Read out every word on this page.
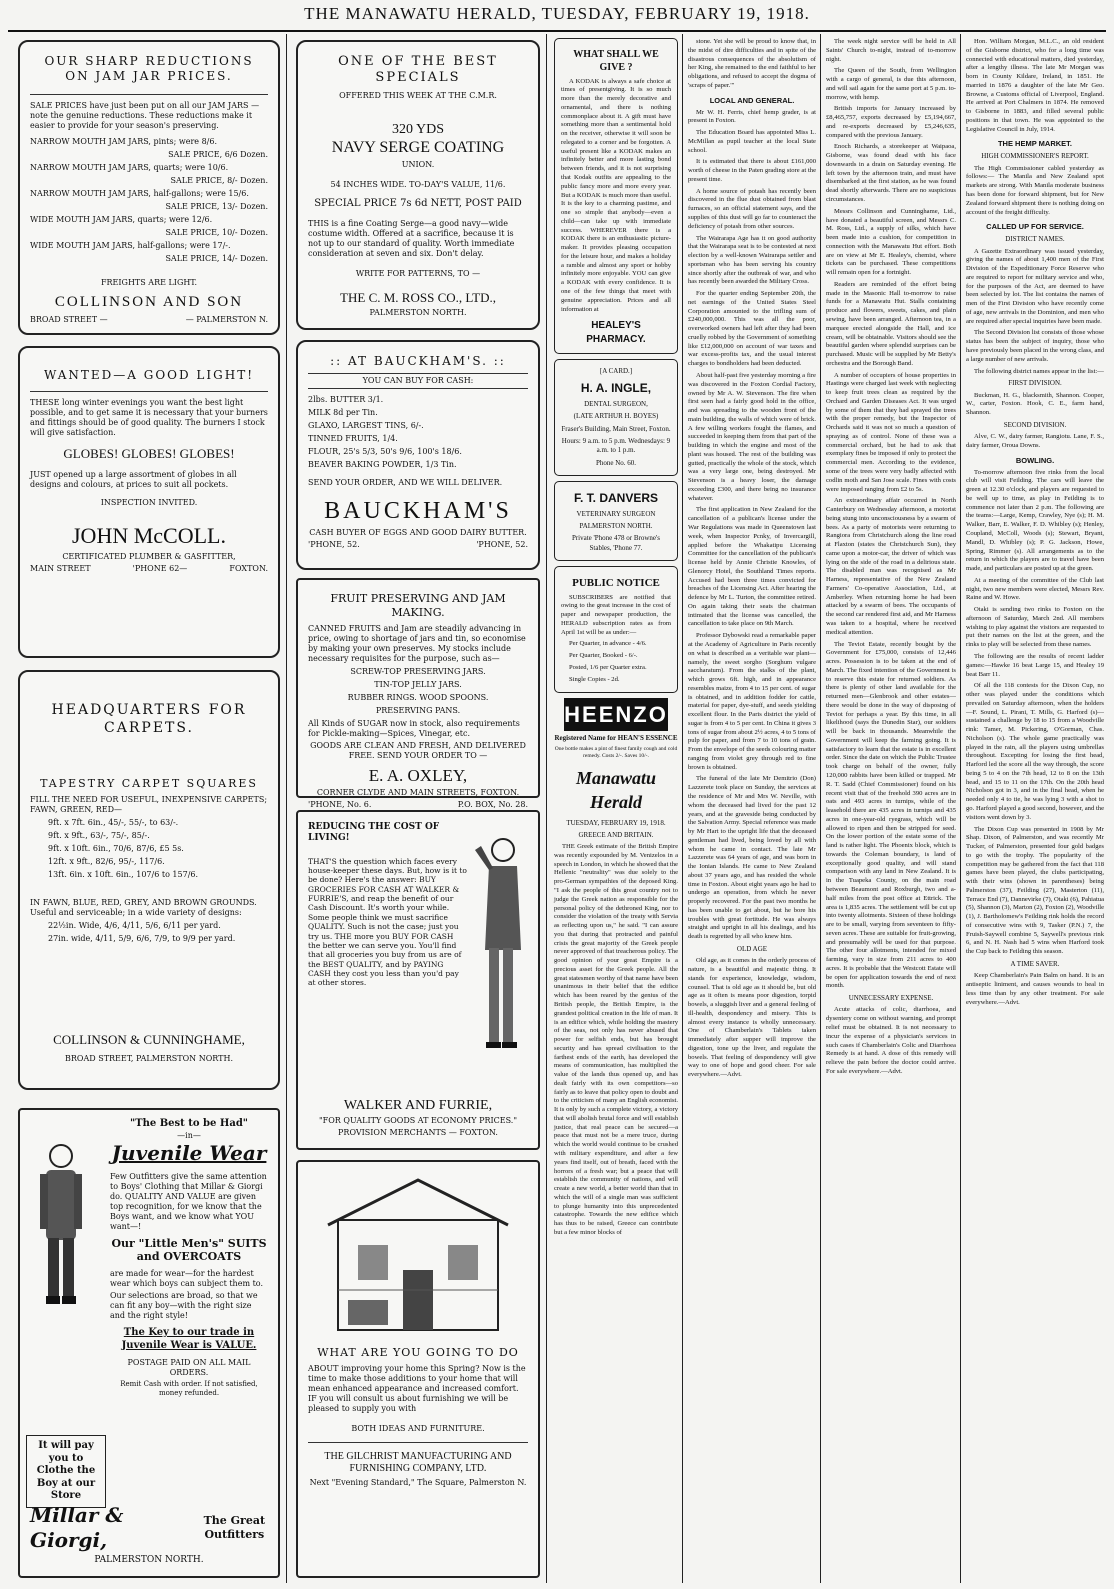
THE MANAWATU HERALD, TUESDAY, FEBRUARY 19, 1918.
OUR SHARP REDUCTIONS ON JAM JAR PRICES.

SALE PRICES have just been put on all our JAM JARS —note the genuine reductions. These reductions make it easier to provide for your season's preserving.

NARROW MOUTH JAM JARS, pints; were 8/6.

SALE PRICE, 6/6 Dozen.

NARROW MOUTH JAM JARS, quarts; were 10/6.

SALE PRICE, 8/- Dozen.

NARROW MOUTH JAM JARS, half-gallons; were 15/6.

SALE PRICE, 13/- Dozen.

WIDE MOUTH JAM JARS, quarts; were 12/6.

SALE PRICE, 10/- Dozen.

WIDE MOUTH JAM JARS, half-gallons; were 17/-.

SALE PRICE, 14/- Dozen.

FREIGHTS ARE LIGHT.

COLLINSON AND SON
BROAD STREET —	— PALMERSTON N.
WANTED—A GOOD LIGHT!

THESE long winter evenings you want the best light possible, and to get same it is necessary that your burners and fittings should be of good quality. The burners I stock will give satisfaction.

GLOBES! GLOBES! GLOBES!

JUST opened up a large assortment of globes in all designs and colours, at prices to suit all pockets.

INSPECTION INVITED.

JOHN McCOLL.

CERTIFICATED PLUMBER & GASFITTER,

MAIN STREET	'PHONE 62—	FOXTON.
HEADQUARTERS FOR CARPETS.
TAPESTRY CARPET SQUARES

FILL THE NEED FOR USEFUL, INEXPENSIVE CARPETS; FAWN, GREEN, RED—

9ft. x 7ft. 6in., 45/-, 55/-, to 63/-.

9ft. x 9ft., 63/-, 75/-, 85/-.

9ft. x 10ft. 6in., 70/6, 87/6, £5 5s.

12ft. x 9ft., 82/6, 95/-, 117/6.

13ft. 6in. x 10ft. 6in., 107/6 to 157/6.

IN FAWN, BLUE, RED, GREY, AND BROWN GROUNDS. Useful and serviceable; in a wide variety of designs:

22½in. Wide, 4/6, 4/11, 5/6, 6/11 per yard.

27in. wide, 4/11, 5/9, 6/6, 7/9, to 9/9 per yard.

COLLINSON & CUNNINGHAME,

BROAD STREET, PALMERSTON NORTH.

"The Best to be Had"
—in—
Juvenile Wear

Few Outfitters give the same attention to Boys' Clothing that Millar & Giorgi do. QUALITY AND VALUE are given top recognition, for we know that the Boys want, and we know what YOU want—!

Our "Little Men's" SUITS and OVERCOATS

are made for wear—for the hardest wear which boys can subject them to.

Our selections are broad, so that we can fit any boy—with the right size and the right style!

The Key to our trade in Juvenile Wear is VALUE.

POSTAGE PAID ON ALL MAIL ORDERS.

Remit Cash with order. If not satisfied, money refunded.

It will pay you to Clothe the Boy at our Store
Millar & Giorgi,
The Great Outfitters

PALMERSTON NORTH.

ONE OF THE BEST SPECIALS

OFFERED THIS WEEK AT THE C.M.R.

320 YDS
NAVY SERGE COATING

UNION.

54 INCHES WIDE. TO-DAY'S VALUE, 11/6.

SPECIAL PRICE 7s 6d NETT, POST PAID

THIS is a fine Coating Serge—a good navy—wide costume width. Offered at a sacrifice, because it is not up to our standard of quality. Worth immediate consideration at seven and six. Don't delay.

WRITE FOR PATTERNS, TO —

THE C. M. ROSS CO., LTD.,

PALMERSTON NORTH.

:: AT BAUCKHAM'S. ::

YOU CAN BUY FOR CASH:

2lbs. BUTTER 3/1.

MILK 8d per Tin.

GLAXO, LARGEST TINS, 6/-.

TINNED FRUITS, 1/4.

FLOUR, 25's 5/3, 50's 9/6, 100's 18/6.

BEAVER BAKING POWDER, 1/3 Tin.

SEND YOUR ORDER, AND WE WILL DELIVER.

BAUCKHAM'S

CASH BUYER OF EGGS AND GOOD DAIRY BUTTER.

'PHONE, 52.	'PHONE, 52.
FRUIT PRESERVING AND JAM MAKING.

CANNED FRUITS and Jam are steadily advancing in price, owing to shortage of jars and tin, so economise by making your own preserves. My stocks include necessary requisites for the purpose, such as—

SCREW-TOP PRESERVING JARS.

TIN-TOP JELLY JARS.

RUBBER RINGS. WOOD SPOONS.

PRESERVING PANS.

All Kinds of SUGAR now in stock, also requirements for Pickle-making—Spices, Vinegar, etc.

GOODS ARE CLEAN AND FRESH, AND DELIVERED FREE. SEND YOUR ORDER TO —

E. A. OXLEY,

CORNER CLYDE AND MAIN STREETS, FOXTON.

'PHONE, No. 6.	P.O. BOX, No. 28.
REDUCING THE COST OF LIVING!

THAT'S the question which faces every house-keeper these days. But, how is it to be done? Here's the answer: BUY GROCERIES FOR CASH AT WALKER & FURRIE'S, and reap the benefit of our Cash Discount. It's worth your while. Some people think we must sacrifice QUALITY. Such is not the case; just you try us. THE more you BUY FOR CASH the better we can serve you. You'll find that all groceries you buy from us are of the BEST QUALITY, and by PAYING CASH they cost you less than you'd pay at other stores.

WALKER AND FURRIE,

"FOR QUALITY GOODS AT ECONOMY PRICES."

PROVISION MERCHANTS — FOXTON.

WHAT ARE YOU GOING TO DO

ABOUT improving your home this Spring? Now is the time to make those additions to your home that will mean enhanced appearance and increased comfort. IF you will consult us about furnishing we will be pleased to supply you with

BOTH IDEAS AND FURNITURE.

THE GILCHRIST MANUFACTURING AND FURNISHING COMPANY, LTD.

Next "Evening Standard," The Square, Palmerston N.

WHAT SHALL WE GIVE ?

A KODAK is always a safe choice at times of presentgiving. It is so much more than the merely decorative and ornamental, and there is nothing commonplace about it. A gift must have something more than a sentimental hold on the receiver, otherwise it will soon be relegated to a corner and be forgotten. A useful present like a KODAK makes an infinitely better and more lasting bond between friends, and it is not surprising that Kodak outfits are appealing to the public fancy more and more every year. But a KODAK is much more than useful. It is the key to a charming pastime, and one so simple that anybody—even a child—can take up with immediate success. WHEREVER there is a KODAK there is an enthusiastic picture-maker. It provides pleasing occupation for the leisure hour, and makes a holiday a ramble and almost any sport or hobby infinitely more enjoyable. YOU can give a KODAK with every confidence. It is one of the few things that meet with genuine appreciation. Prices and all information at

HEALEY'S PHARMACY.
[A CARD.]
H. A. INGLE,
DENTAL SURGEON,
(LATE ARTHUR H. BOYES)
Fraser's Building, Main Street, Foxton.
Hours: 9 a.m. to 5 p.m. Wednesdays: 9 a.m. to 1 p.m.
Phone No. 60.
F. T. DANVERS
VETERINARY SURGEON
PALMERSTON NORTH.
Private 'Phone 478 or Browne's Stables, 'Phone 77.
PUBLIC NOTICE

SUBSCRIBERS are notified that owing to the great increase in the cost of paper and newspaper production, the HERALD subscription rates as from April 1st will be as under:—

Per Quarter, in advance - 4/6.

Per Quarter, Booked - 6/-.

Posted, 1/6 per Quarter extra.

Single Copies - 2d.

HEENZO
Registered Name for HEAN'S ESSENCE
One bottle makes a pint of finest family cough and cold remedy. Costs 2/-. Saves 10/-.
Manawatu Herald
TUESDAY, FEBRUARY 19, 1918.
GREECE AND BRITAIN.

THE Greek estimate of the British Empire was recently expounded by M. Venizelos in a speech in London, in which he showed that the Hellenic "neutrality" was due solely to the pro-German sympathies of the deposed King. "I ask the people of this great country not to judge the Greek nation as responsible for the personal policy of the dethroned King, nor to consider the violation of the treaty with Servia as reflecting upon us," he said. "I can assure you that during that protracted and painful crisis the great majority of the Greek people never approved of that treacherous policy. The good opinion of your great Empire is a precious asset for the Greek people. All the great statesmen worthy of that name have been unanimous in their belief that the edifice which has been reared by the genius of the British people, the British Empire, is the grandest political creation in the life of man. It is an edifice which, while holding the mastery of the seas, not only has never abused that power for selfish ends, but has brought security and has spread civilisation to the farthest ends of the earth, has developed the means of communication, has multiplied the value of the lands thus opened up, and has dealt fairly with its own competitors—so fairly as to leave that policy open to doubt and to the criticism of many an English economist. It is only by such a complete victory, a victory that will abolish brutal force and will establish justice, that real peace can be secured—a peace that must not be a mere truce, during which the world would continue to be crushed with military expenditure, and after a few years find itself, out of breath, faced with the horrors of a fresh war; but a peace that will establish the community of nations, and will create a new world, a better world than that in which the will of a single man was sufficient to plunge humanity into this unprecedented catastrophe. Towards the new edifice which has thus to be raised, Greece can contribute but a few minor blocks of

stone. Yet she will be proud to know that, in the midst of dire difficulties and in spite of the disastrous consequences of the absolutism of her King, she remained to the end faithful to her obligations, and refused to accept the dogma of 'scraps of paper.'"

LOCAL AND GENERAL.

Mr W. H. Ferris, chief hemp grader, is at present in Foxton.

The Education Board has appointed Miss L. McMillan as pupil teacher at the local State school.

It is estimated that there is about £161,000 worth of cheese in the Paten grading store at the present time.

A home source of potash has recently been discovered in the flue dust obtained from blast furnaces, so an official statement says, and the supplies of this dust will go far to counteract the deficiency of potash from other sources.

The Wairarapa Age has it on good authority that the Wairarapa seat is to be contested at next election by a well-known Wairarapa settler and sportsman who has been serving his country since shortly after the outbreak of war, and who has recently been awarded the Military Cross.

For the quarter ending September 20th, the net earnings of the United States Steel Corporation amounted to the trifling sum of £240,000,000. This was all the poor, overworked owners had left after they had been cruelly robbed by the Government of something like £12,000,000 on account of war taxes and war excess-profits tax, and the usual interest charges to bondholders had been deducted.

About half-past five yesterday morning a fire was discovered in the Foxton Cordial Factory, owned by Mr A. W. Stevenson. The fire when first seen had a fairly good hold in the office, and was spreading to the wooden front of the main building, the walls of which were of brick. A few willing workers fought the flames, and succeeded in keeping them from that part of the building in which the engine and most of the plant was housed. The rest of the building was gutted, practically the whole of the stock, which was a very large one, being destroyed. Mr Stevenson is a heavy loser, the damage exceeding £300, and there being no insurance whatever.

The first application in New Zealand for the cancellation of a publican's license under the War Regulations was made in Queenstown last week, when Inspector Pcnky, of Invercargill, applied before the Whakatipu Licensing Committee for the cancellation of the publican's license held by Annie Christie Knowles, of Glenorcy Hotel, the Southland Times reports. Accused had been three times convicted for breaches of the Licensing Act. After hearing the defence by Mr L. Turton, the committee retired. On again taking their seats the chairman intimated that the license was cancelled, the cancellation to take place on 9th March.

Professor Dybowski read a remarkable paper at the Academy of Agriculture in Paris recently on what is described as a veritable war plant—namely, the sweet sorgho (Sorghum vulgare saccharatum). From the stalks of the plant, which grows 6ft. high, and in appearance resembles maize, from 4 to 15 per cent. of sugar is obtained, and in addition fodder for cattle, material for paper, dye-stuff, and seeds yielding excellent flour. In the Paris district the yield of sugar is from 4 to 5 per cent. In China it gives 3 tons of sugar from about 2½ acres, 4 to 5 tons of pulp for paper, and from 7 to 10 tons of grain. From the envelope of the seeds colouring matter ranging from violet grey through red to fine brown is obtained.

The funeral of the late Mr Demitrio (Don) Lazzerete took place on Sunday, the services at the residence of Mr and Mrs W. Neville, with whom the deceased had lived for the past 12 years, and at the graveside being conducted by the Salvation Army. Special reference was made by Mr Hart to the upright life that the deceased gentleman had lived, being loved by all with whom he came in contact. The late Mr Lazzerete was 64 years of age, and was born in the Ionian Islands. He came to New Zealand about 37 years ago, and has resided the whole time in Foxton. About eight years ago he had to undergo an operation, from which he never properly recovered. For the past two months he has been unable to get about, but he bore his troubles with great fortitude. He was always straight and upright in all his dealings, and his death is regretted by all who knew him.

OLD AGE

Old age, as it comes in the orderly process of nature, is a beautiful and majestic thing. It stands for experience, knowledge, wisdom, counsel. That is old age as it should be, but old age as it often is means poor digestion, torpid bowels, a sluggish liver and a general feeling of ill-health, despondency and misery. This is almost every instance is wholly unnecessary. One of Chamberlain's Tablets taken immediately after supper will improve the digestion, tone up the liver, and regulate the bowels. That feeling of despondency will give way to one of hope and good cheer. For sale everywhere.—Advt.

The week night service will be held in All Saints' Church to-night, instead of to-morrow night.

The Queen of the South, from Wellington with a cargo of general, is due this afternoon, and will sail again for the same port at 5 p.m. to-morrow, with hemp.

British imports for January increased by £8,465,757, exports decreased by £5,194,667, and re-exports decreased by £5,246,635, compared with the previous January.

Enoch Richards, a storekeeper at Waipaoa, Gisborne, was found dead with his face downwards in a drain on Saturday evening. He left town by the afternoon train, and must have disembarked at the first station, as he was found dead shortly afterwards. There are no suspicious circumstances.

Messrs Collinson and Cunninghame, Ltd., have donated a beautiful screen, and Messrs C. M. Ross, Ltd., a supply of silks, which have been made into a cushion, for competition in connection with the Manawatu Hut effort. Both are on view at Mr E. Healey's, chemist, where tickets can be purchased. These competitions will remain open for a fortnight.

Readers are reminded of the effort being made in the Masonic Hall to-morrow to raise funds for a Manawatu Hut. Stalls containing produce and flowers, sweets, cakes, and plain sewing, have been arranged. Afternoon tea, in a marquee erected alongside the Hall, and ice cream, will be obtainable. Visitors should see the beautiful garden where splendid surprises can be purchased. Music will be supplied by Mr Betty's orchestra and the Borough Band.

A number of occupiers of house properties in Hastings were charged last week with neglecting to keep fruit trees clean as required by the Orchard and Garden Diseases Act. It was urged by some of them that they had sprayed the trees with the proper remedy, but the Inspector of Orchards said it was not so much a question of spraying as of control. None of these was a commercial orchard, but he had to ask that exemplary fines be imposed if only to protect the commercial men. According to the evidence, some of the trees were very badly affected with codlin moth and San Jose scale. Fines with costs were imposed ranging from £2 to 5s.

An extraordinary affair occurred in North Canterbury on Wednesday afternoon, a motorist being stung into unconsciousness by a swarm of bees. As a party of motorists were returning to Rangiora from Christchurch along the line road at Flaxton (states the Christchurch Sun), they came upon a motor-car, the driver of which was lying on the side of the road in a delirious state. The disabled man was recognised as Mr Harness, representative of the New Zealand Farmers' Co-operative Association, Ltd., at Amberley. When returning home he had been attacked by a swarm of bees. The occupants of the second car rendered first aid, and Mr Harness was taken to a hospital, where he received medical attention.

The Teviot Estate, recently bought by the Government for £75,000, consists of 12,446 acres. Possession is to be taken at the end of March. The fixed intention of the Government is to reserve this estate for returned soldiers. As there is plenty of other land available for the returned men—Glenbrook and other estates—there would be done in the way of disposing of Teviot for perhaps a year. By this time, in all likelihood (says the Dunedin Star), our soldiers will be back in thousands. Meanwhile the Government will keep the farming going. It is satisfactory to learn that the estate is in excellent order. Since the date on which the Public Trustee took charge on behalf of the owner, fully 120,000 rabbits have been killed or trapped. Mr R. T. Sadd (Chief Commissioner) found on his recent visit that of the freehold 390 acres are in oats and 493 acres in turnips, while of the leasehold there are 435 acres in turnips and 435 acres in one-year-old ryegrass, which will be allowed to ripen and then be stripped for seed. On the lower portion of the estate some of the land is rather light. The Phoenix block, which is towards the Coleman boundary, is land of exceptionally good quality, and will stand comparison with any land in New Zealand. It is in the Tuapeka County, on the main road between Beaumont and Roxburgh, two and a-half miles from the post office at Ettrick. The area is 1,835 acres. The settlement will be cut up into twenty allotments. Sixteen of these holdings are to be small, varying from seventeen to fifty-seven acres. These are suitable for fruit-growing, and presumably will be used for that purpose. The other four allotments, intended for mixed farming, vary in size from 211 acres to 400 acres. It is probable that the Westcott Estate will be open for application towards the end of next month.

UNNECESSARY EXPENSE.

Acute attacks of colic, diarrhoea, and dysentery come on without warning, and prompt relief must be obtained. It is not necessary to incur the expense of a physician's services in such cases if Chamberlain's Colic and Diarrhoea Remedy is at hand. A dose of this remedy will relieve the pain before the doctor could arrive. For sale everywhere.—Advt.

Hon. William Morgan, M.L.C., an old resident of the Gisborne district, who for a long time was connected with educational matters, died yesterday, after a lengthy illness. The late Mr Morgan was born in County Kildare, Ireland, in 1851. He married in 1876 a daughter of the late Mr Geo. Browne, a Customs official of Liverpool, England. He arrived at Port Chalmers in 1874. He removed to Gisborne in 1883, and filled several public positions in that town. He was appointed to the Legislative Council in July, 1914.

THE HEMP MARKET.
HIGH COMMISSIONER'S REPORT.

The High Commissioner cabled yesterday as follows:— The Manila and New Zealand spot markets are strong. With Manila moderate business has been done for forward shipment, but for New Zealand forward shipment there is nothing doing on account of the freight difficulty.

CALLED UP FOR SERVICE.
DISTRICT NAMES.

A Gazette Extraordinary was issued yesterday, giving the names of about 1,400 men of the First Division of the Expeditionary Force Reserve who are required to report for military service and who, for the purposes of the Act, are deemed to have been selected by lot. The list contains the names of men of the First Division who have recently come of age, new arrivals in the Dominion, and men who are required after special inquiries have been made.

The Second Division list consists of those whose status has been the subject of inquiry, those who have previously been placed in the wrong class, and a large number of new arrivals.

The following district names appear in the list:—

FIRST DIVISION.

Buckman, H. G., blacksmith, Shannon. Cooper, W., carter, Foxton. Hook, C. E., farm hand, Shannon.

SECOND DIVISION.

Alve, C. W., dairy farmer, Rangiotu. Lane, F. S., dairy farmer, Oroua Downs.

BOWLING.

To-morrow afternoon five rinks from the local club will visit Feilding. The cars will leave the green at 12.30 o'clock, and players are requested to be well up to time, as play in Feilding is to commence not later than 2 p.m. The following are the teams:—Large, Kemp, Crawley, Nye (s); H. M. Walker, Barr, E. Walker, F. D. Whibley (s); Henley, Coupland, McColl, Woods (s); Stewart, Bryant, Mandl, D. Whibley (s); P. G. Jackson, Howe, Spring, Rimmer (s). All arrangements as to the return in which the players are to travel have been made, and particulars are posted up at the green.

At a meeting of the committee of the Club last night, two new members were elected, Messrs Rev. Raine and W. Howe.

Otaki is sending two rinks to Foxton on the afternoon of Saturday, March 2nd. All members wishing to play against the visitors are requested to put their names on the list at the green, and the rinks to play will be selected from these names.

The following are the results of recent ladder games:—Hawke 16 beat Large 15, and Healey 19 beat Barr 11.

Of all the 118 contests for the Dixon Cup, no other was played under the conditions which prevailed on Saturday afternoon, when the holders—F. Sound, L. Pirani, T. Mills, G. Harford (s)—sustained a challenge by 18 to 15 from a Woodville rink: Tamer, M. Pickering, O'Gorman, Chas. Nicholson (s). The whole game practically was played in the rain, all the players using umbrellas throughout. Excepting for losing the first head, Harford led the score all the way through, the score being 5 to 4 on the 7th head, 12 to 8 on the 13th head, and 15 to 11 on the 17th. On the 20th head Nicholson got in 3, and in the final head, when he needed only 4 to tie, he was lying 3 with a shot to go. Harford played a good second, however, and the visitors went down by 3.

The Dixon Cup was presented in 1908 by Mr Shap. Dixon, of Palmerston, and was recently Mr Tucker, of Palmerston, presented four gold badges to go with the trophy. The popularity of the competition may be gathered from the fact that 118 games have been played, the clubs participating, with their wins (shown in parentheses) being Palmerston (37), Feilding (27), Masterton (11), Terrace End (7), Dannevirke (7), Otaki (6), Pahiatua (5), Shannon (3), Marton (2), Foxton (2), Woodville (1), J. Bartholomew's Feilding rink holds the record of consecutive wins with 9, Tasker (P.N.) 7, the Fruish-Saywell combine 5, Saywell's previous rink 6, and N. H. Nash had 5 wins when Harford took the Cup back to Feilding this season.

A TIME SAVER.

Keep Chamberlain's Pain Balm on hand. It is an antiseptic liniment, and causes wounds to heal in less time than by any other treatment. For sale everywhere.—Advt.
